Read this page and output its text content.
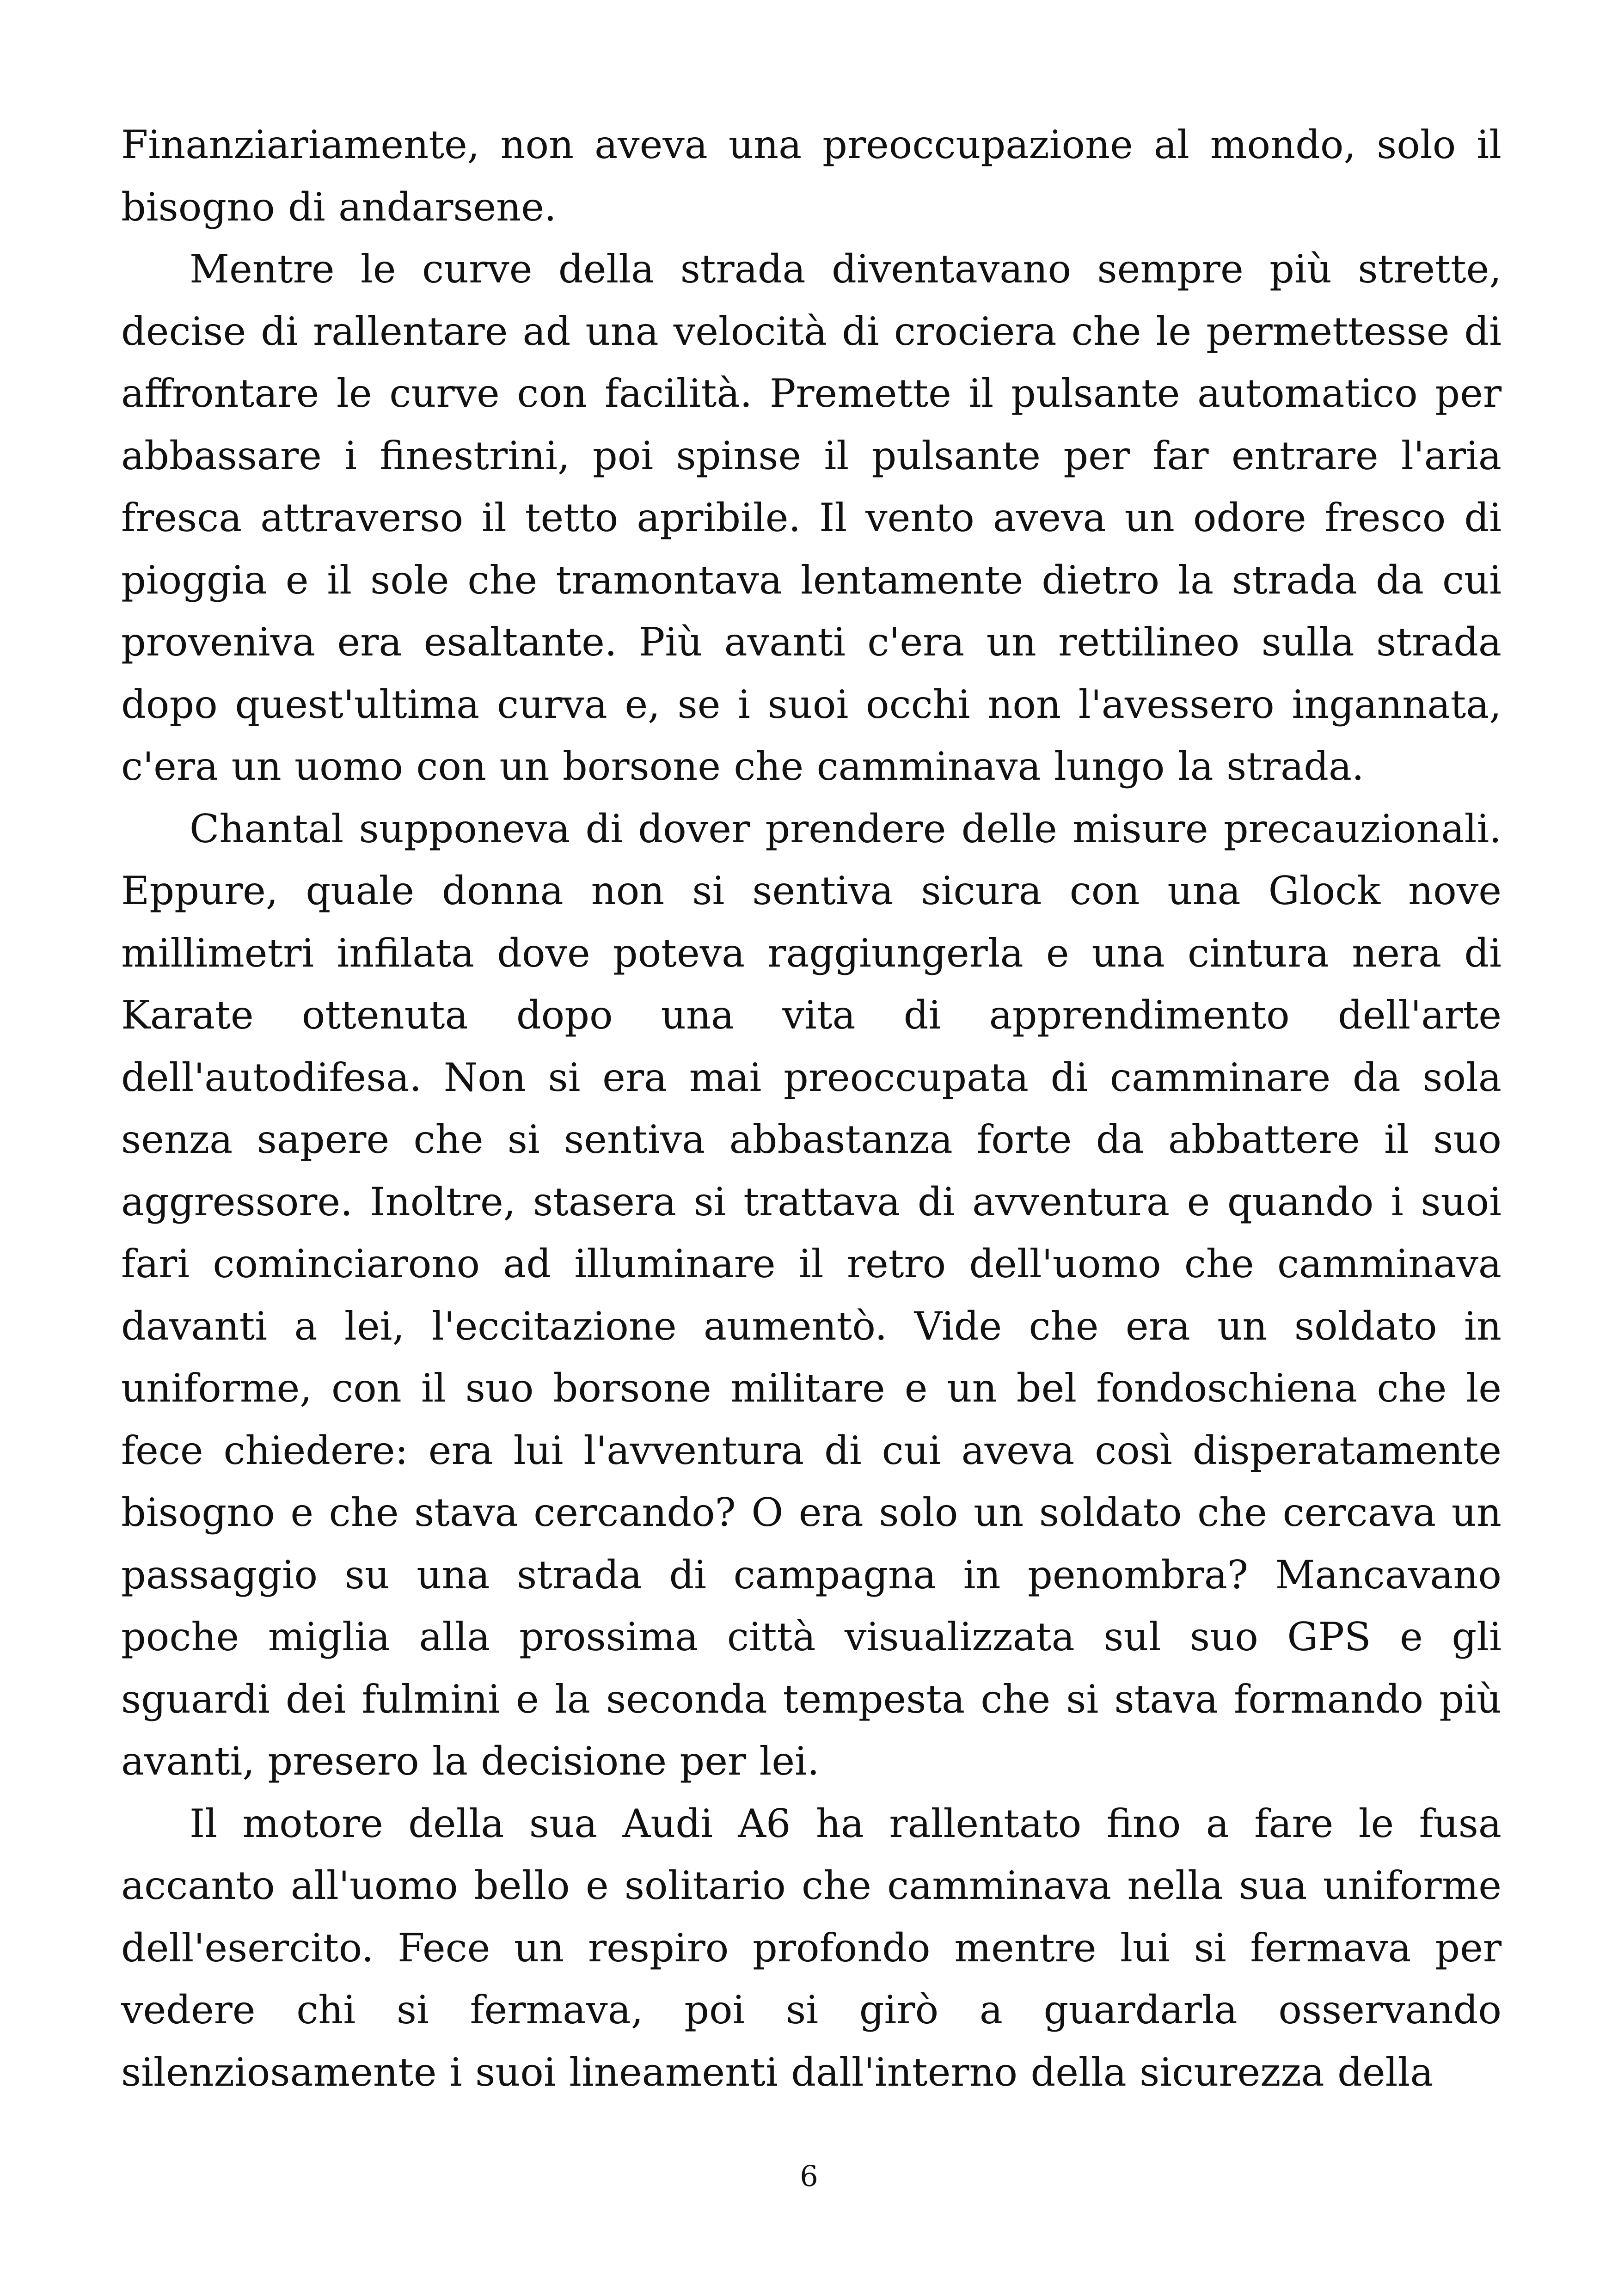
Finanziariamente, non aveva una preoccupazione al mondo, solo il bisogno di andarsene.

Mentre le curve della strada diventavano sempre più strette, decise di rallentare ad una velocità di crociera che le permettesse di affrontare le curve con facilità. Premette il pulsante automatico per abbassare i finestrini, poi spinse il pulsante per far entrare l'aria fresca attraverso il tetto apribile. Il vento aveva un odore fresco di pioggia e il sole che tramontava lentamente dietro la strada da cui proveniva era esaltante. Più avanti c'era un rettilineo sulla strada dopo quest'ultima curva e, se i suoi occhi non l'avessero ingannata, c'era un uomo con un borsone che camminava lungo la strada.

Chantal supponeva di dover prendere delle misure precauzionali. Eppure, quale donna non si sentiva sicura con una Glock nove millimetri infilata dove poteva raggiungerla e una cintura nera di Karate ottenuta dopo una vita di apprendimento dell'arte dell'autodifesa. Non si era mai preoccupata di camminare da sola senza sapere che si sentiva abbastanza forte da abbattere il suo aggressore. Inoltre, stasera si trattava di avventura e quando i suoi fari cominciarono ad illuminare il retro dell'uomo che camminava davanti a lei, l'eccitazione aumentò. Vide che era un soldato in uniforme, con il suo borsone militare e un bel fondoschiena che le fece chiedere: era lui l'avventura di cui aveva così disperatamente bisogno e che stava cercando? O era solo un soldato che cercava un passaggio su una strada di campagna in penombra? Mancavano poche miglia alla prossima città visualizzata sul suo GPS e gli sguardi dei fulmini e la seconda tempesta che si stava formando più avanti, presero la decisione per lei.

Il motore della sua Audi A6 ha rallentato fino a fare le fusa accanto all'uomo bello e solitario che camminava nella sua uniforme dell'esercito. Fece un respiro profondo mentre lui si fermava per vedere chi si fermava, poi si girò a guardarla osservando silenziosamente i suoi lineamenti dall'interno della sicurezza della

6
